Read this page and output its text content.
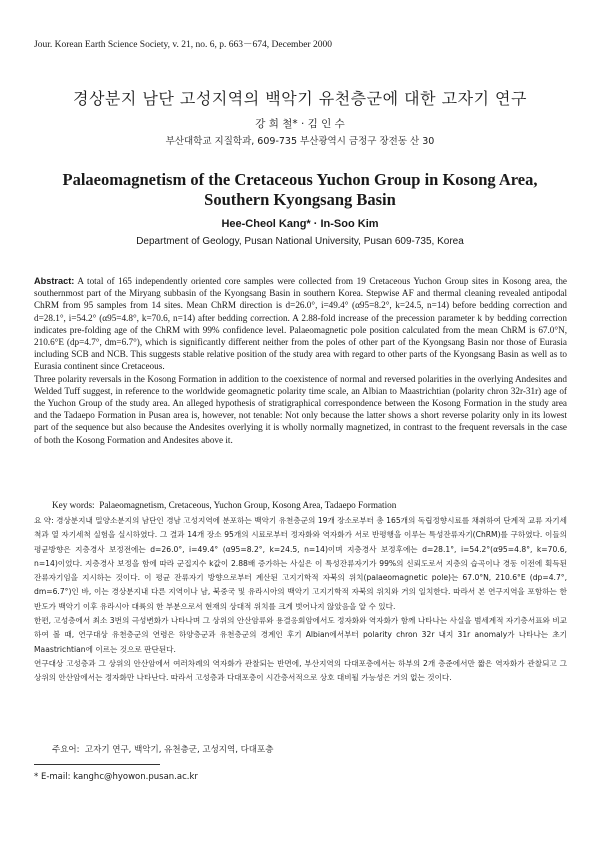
Jour. Korean Earth Science Society, v. 21, no. 6, p. 663－674, December 2000
경상분지 남단 고성지역의 백악기 유천층군에 대한 고자기 연구
강 희 철* · 김 인 수
부산대학교 지질학과, 609-735 부산광역시 금정구 장전동 산 30
Palaeomagnetism of the Cretaceous Yuchon Group in Kosong Area,
Southern Kyongsang Basin
Hee-Cheol Kang* · In-Soo Kim
Department of Geology, Pusan National University, Pusan 609-735, Korea

Abstract: A total of 165 independently oriented core samples were collected from 19 Cretaceous Yuchon Group sites in Kosong area, the southernmost part of the Miryang subbasin of the Kyongsang Basin in southern Korea. Stepwise AF and thermal cleaning revealed antipodal ChRM from 95 samples from 14 sites. Mean ChRM direction is d=26.0°, i=49.4° (α95=8.2°, k=24.5, n=14) before bedding correction and d=28.1°, i=54.2° (α95=4.8°, k=70.6, n=14) after bedding correction. A 2.88-fold increase of the precession parameter k by bedding correction indicates pre-folding age of the ChRM with 99% confidence level. Palaeomagnetic pole position calculated from the mean ChRM is 67.0°N, 210.6°E (dp=4.7°, dm=6.7°), which is significantly different neither from the poles of other part of the Kyongsang Basin nor those of Eurasia including SCB and NCB. This suggests stable relative position of the study area with regard to other parts of the Kyongsang Basin as well as to Eurasia continent since Cretaceous.

Three polarity reversals in the Kosong Formation in addition to the coexistence of normal and reversed polarities in the overlying Andesites and Welded Tuff suggest, in reference to the worldwide geomagnetic polarity time scale, an Albian to Maastrichtian (polarity chron 32r-31r) age of the Yuchon Group of the study area. An alleged hypothesis of stratigraphical correspondence between the Kosong Formation in the study area and the Tadaepo Formation in Pusan area is, however, not tenable: Not only because the latter shows a short reverse polarity only in its lowest part of the sequence but also because the Andesites overlying it is wholly normally magnetized, in contrast to the frequent reversals in the case of both the Kosong Formation and Andesites above it.

Key words: Palaeomagnetism, Cretaceous, Yuchon Group, Kosong Area, Tadaepo Formation

요 약: 경상분지내 밀양소분지의 남단인 경남 고성지역에 분포하는 백악기 유천층군의 19개 장소로부터 총 165개의 독립정향시료를 채취하여 단계적 교류 자기세척과 열 자기세척 실험을 실시하였다. 그 결과 14개 장소 95개의 시료로부터 정자화와 역자화가 서로 반평행을 이루는 특성잔류자기(ChRM)를 구하였다. 이들의 평균방향은 지층경사 보정전에는 d=26.0°, i=49.4° (α95=8.2°, k=24.5, n=14)이며 지층경사 보정후에는 d=28.1°, i=54.2°(α95=4.8°, k=70.6, n=14)이었다. 지층경사 보정을 함에 따라 군집지수 k값이 2.88배 증가하는 사실은 이 특성잔류자기가 99%의 신뢰도로서 지층의 습곡이나 경동 이전에 획득된 잔류자기임을 지시하는 것이다. 이 평균 잔류자기 방향으로부터 계산된 고지기학적 자북의 위치(palaeomagnetic pole)는 67.0°N, 210.6°E (dp=4.7°, dm=6.7°)인 바, 이는 경상분지내 다른 지역이나 남, 북중국 및 유라시아의 백악기 고지기학적 자북의 위치와 거의 일치한다. 따라서 본 연구지역을 포함하는 한반도가 백악기 이후 유라시아 대륙의 한 부분으로서 현재의 상대적 위치를 크게 벗어나지 않았음을 알 수 있다.

한편, 고성층에서 최소 3번의 극성변화가 나타나며 그 상위의 안산암류와 용결응회암에서도 정자화와 역자화가 함께 나타나는 사실을 범세계적 자기층서표와 비교하여 볼 때, 연구대상 유천층군의 연령은 하양층군과 유천층군의 경계인 후기 Albian에서부터 polarity chron 32r 내지 31r anomaly가 나타나는 초기 Maastrichtian에 이르는 것으로 판단된다.

연구대상 고성층과 그 상위의 안산암에서 여러차례의 역자화가 관찰되는 반면에, 부산지역의 다대포층에서는 하부의 2개 층준에서만 짧은 역자화가 관찰되고 그 상위의 안산암에서는 정자화만 나타난다. 따라서 고성층과 다대포층이 시간층서적으로 상호 대비될 가능성은 거의 없는 것이다.

주요어: 고자기 연구, 백악기, 유천층군, 고성지역, 다대포층
* E-mail: kanghc@hyowon.pusan.ac.kr
